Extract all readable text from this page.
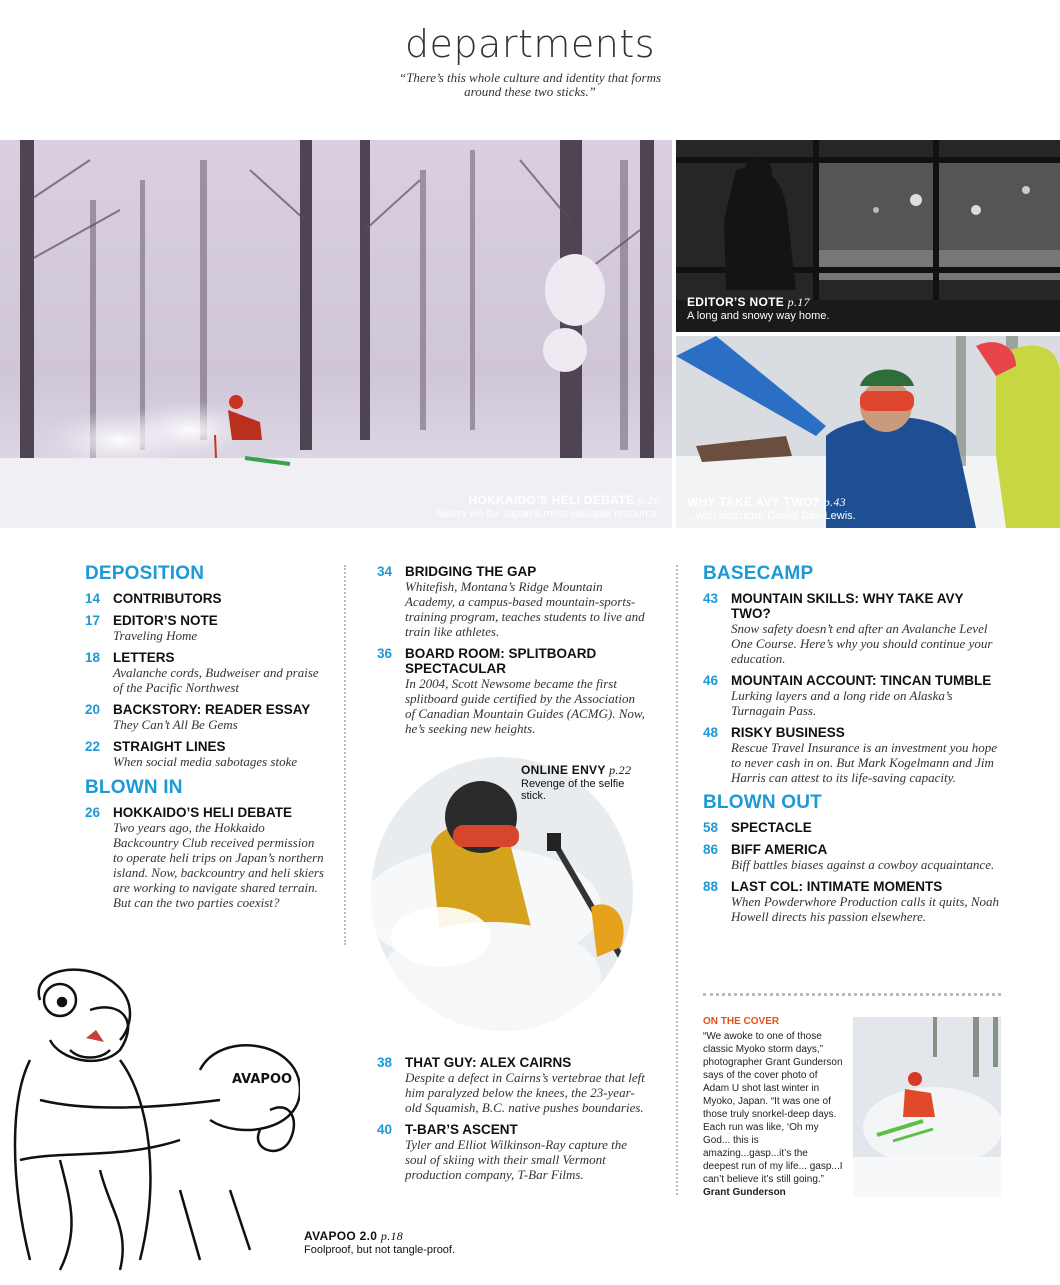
departments
“There’s this whole culture and identity that forms around these two sticks.”
HOKKAIDO’S HELI DEBATE p.26
Skiers vie for Japan’s most valuable resource.
EDITOR’S NOTE p.17
A long and snowy way home.
WHY TAKE AVY TWO? p.43
...with instructor Daniel Day-Lewis.
DEPOSITION
14 CONTRIBUTORS
17 EDITOR’S NOTE
Traveling Home
18 LETTERS
Avalanche cords, Budweiser and praise of the Pacific Northwest
20 BACKSTORY: READER ESSAY
They Can’t All Be Gems
22 STRAIGHT LINES
When social media sabotages stoke
BLOWN IN
26 HOKKAIDO’S HELI DEBATE
Two years ago, the Hokkaido Backcountry Club received permission to operate heli trips on Japan’s northern island. Now, backcountry and heli skiers are working to navigate shared terrain. But can the two parties coexist?
34 BRIDGING THE GAP
Whitefish, Montana’s Ridge Mountain Academy, a campus-based mountain-sports-training program, teaches students to live and train like athletes.
36 BOARD ROOM: SPLITBOARD SPECTACULAR
In 2004, Scott Newsome became the first splitboard guide certified by the Association of Canadian Mountain Guides (ACMG). Now, he’s seeking new heights.
ONLINE ENVY p.22
Revenge of the selfie stick.
38 THAT GUY: ALEX CAIRNS
Despite a defect in Cairns’s vertebrae that left him paralyzed below the knees, the 23-year-old Squamish, B.C. native pushes boundaries.
40 T-BAR’S ASCENT
Tyler and Elliot Wilkinson-Ray capture the soul of skiing with their small Vermont production company, T-Bar Films.
BASECAMP
43 MOUNTAIN SKILLS: WHY TAKE AVY TWO?
Snow safety doesn’t end after an Avalanche Level One Course. Here’s why you should continue your education.
46 MOUNTAIN ACCOUNT: TINCAN TUMBLE
Lurking layers and a long ride on Alaska’s Turnagain Pass.
48 RISKY BUSINESS
Rescue Travel Insurance is an investment you hope to never cash in on. But Mark Kogelmann and Jim Harris can attest to its life-saving capacity.
BLOWN OUT
58 SPECTACLE
86 BIFF AMERICA
Biff battles biases against a cowboy acquaintance.
88 LAST COL: INTIMATE MOMENTS
When Powderwhore Production calls it quits, Noah Howell directs his passion elsewhere.
ON THE COVER
“We awoke to one of those classic Myoko storm days,” photographer Grant Gunderson says of the cover photo of Adam U shot last winter in Myoko, Japan. “It was one of those truly snorkel-deep days. Each run was like, ‘Oh my God... this is amazing...gasp...it’s the deepest run of my life... gasp...I can’t believe it’s still going.” Grant Gunderson
AVAPOO
AVAPOO 2.0 p.18
Foolproof, but not tangle-proof.
